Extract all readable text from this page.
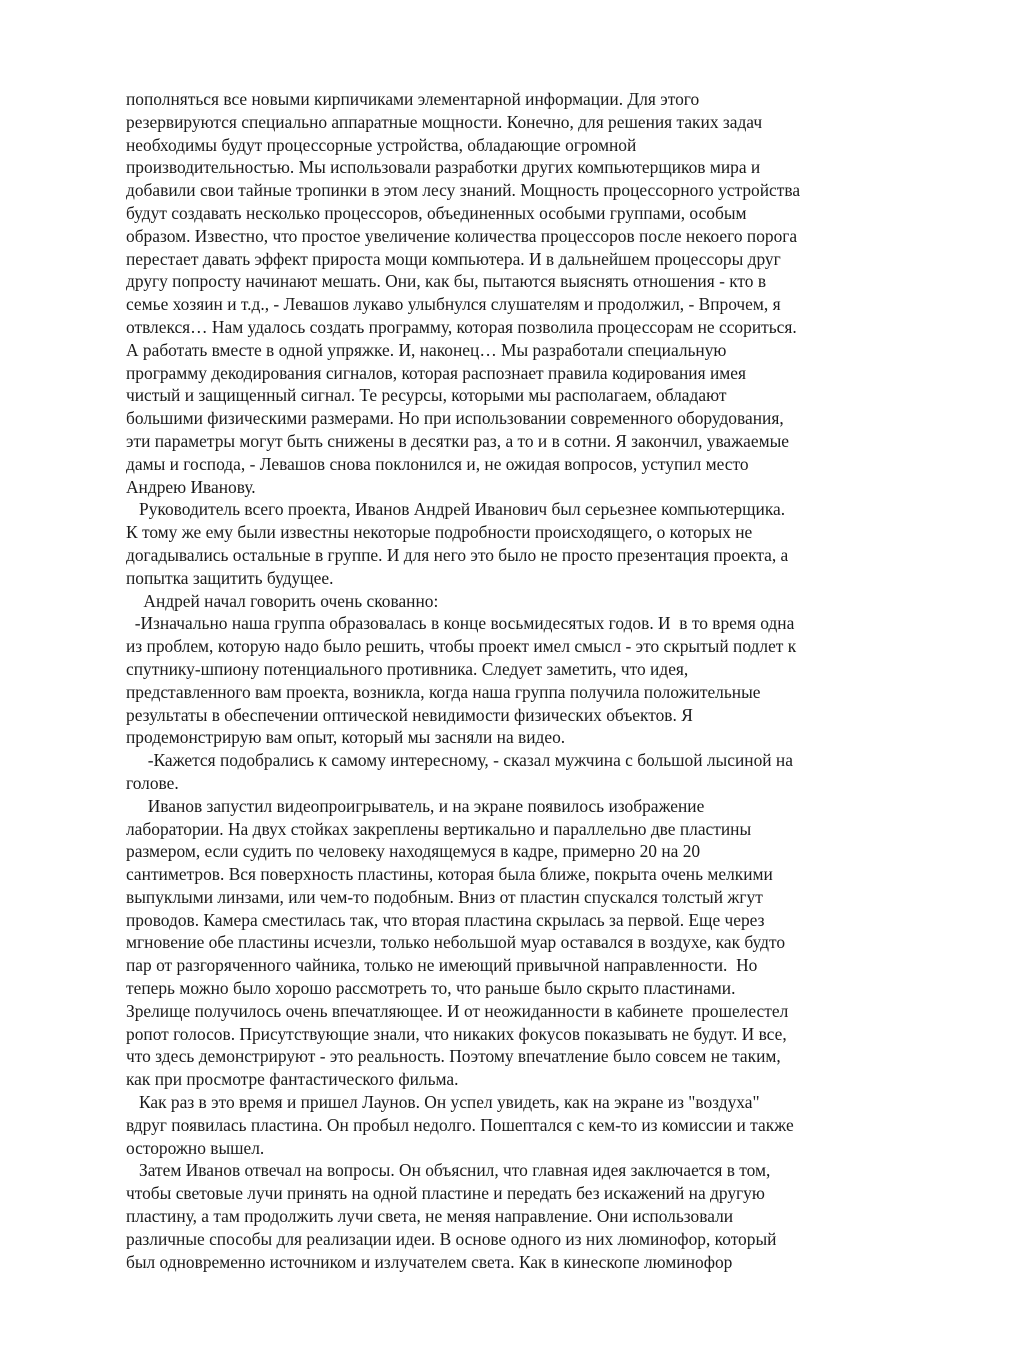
пополняться все новыми кирпичиками элементарной информации. Для этого
резервируются специально аппаратные мощности. Конечно, для решения таких задач
необходимы будут процессорные устройства, обладающие огромной
производительностью. Мы использовали разработки других компьютерщиков мира и
добавили свои тайные тропинки в этом лесу знаний. Мощность процессорного устройства
будут создавать несколько процессоров, объединенных особыми группами, особым
образом. Известно, что простое увеличение количества процессоров после некоего порога
перестает давать эффект прироста мощи компьютера. И в дальнейшем процессоры друг
другу попросту начинают мешать. Они, как бы, пытаются выяснять отношения - кто в
семье хозяин и т.д., - Левашов лукаво улыбнулся слушателям и продолжил, - Впрочем, я
отвлекся… Нам удалось создать программу, которая позволила процессорам не ссориться.
А работать вместе в одной упряжке. И, наконец… Мы разработали специальную
программу декодирования сигналов, которая распознает правила кодирования имея
чистый и защищенный сигнал. Те ресурсы, которыми мы располагаем, обладают
большими физическими размерами. Но при использовании современного оборудования,
эти параметры могут быть снижены в десятки раз, а то и в сотни. Я закончил, уважаемые
дамы и господа, - Левашов снова поклонился и, не ожидая вопросов, уступил место
Андрею Иванову.
Руководитель всего проекта, Иванов Андрей Иванович был серьезнее компьютерщика.
К тому же ему были известны некоторые подробности происходящего, о которых не
догадывались остальные в группе. И для него это было не просто презентация проекта, а
попытка защитить будущее.
Андрей начал говорить очень скованно:
-Изначально наша группа образовалась в конце восьмидесятых годов. И  в то время одна
из проблем, которую надо было решить, чтобы проект имел смысл - это скрытый подлет к
спутнику-шпиону потенциального противника. Следует заметить, что идея,
представленного вам проекта, возникла, когда наша группа получила положительные
результаты в обеспечении оптической невидимости физических объектов. Я
продемонстрирую вам опыт, который мы засняли на видео.
-Кажется подобрались к самому интересному, - сказал мужчина с большой лысиной на
голове.
Иванов запустил видеопроигрыватель, и на экране появилось изображение
лаборатории. На двух стойках закреплены вертикально и параллельно две пластины
размером, если судить по человеку находящемуся в кадре, примерно 20 на 20
сантиметров. Вся поверхность пластины, которая была ближе, покрыта очень мелкими
выпуклыми линзами, или чем-то подобным. Вниз от пластин спускался толстый жгут
проводов. Камера сместилась так, что вторая пластина скрылась за первой. Еще через
мгновение обе пластины исчезли, только небольшой муар оставался в воздухе, как будто
пар от разгоряченного чайника, только не имеющий привычной направленности.  Но
теперь можно было хорошо рассмотреть то, что раньше было скрыто пластинами.
Зрелище получилось очень впечатляющее. И от неожиданности в кабинете  прошелестел
ропот голосов. Присутствующие знали, что никаких фокусов показывать не будут. И все,
что здесь демонстрируют - это реальность. Поэтому впечатление было совсем не таким,
как при просмотре фантастического фильма.
Как раз в это время и пришел Лаунов. Он успел увидеть, как на экране из "воздуха"
вдруг появилась пластина. Он пробыл недолго. Пошептался с кем-то из комиссии и также
осторожно вышел.
Затем Иванов отвечал на вопросы. Он объяснил, что главная идея заключается в том,
чтобы световые лучи принять на одной пластине и передать без искажений на другую
пластину, а там продолжить лучи света, не меняя направление. Они использовали
различные способы для реализации идеи. В основе одного из них люминофор, который
был одновременно источником и излучателем света. Как в кинескопе люминофор
